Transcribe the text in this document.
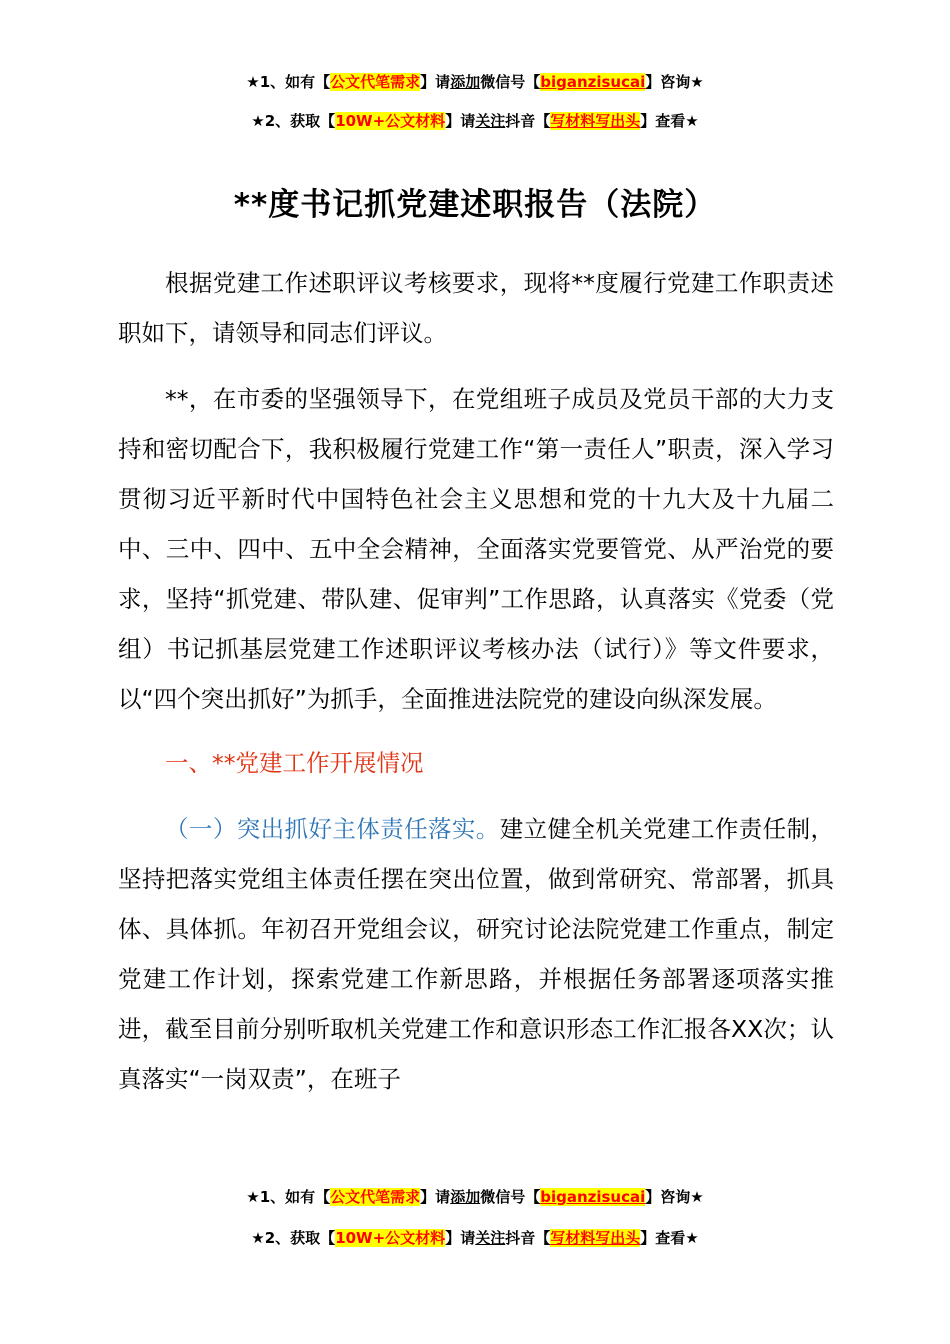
★1、如有【公文代笔需求】请添加微信号【biganzisucai】咨询★
★2、获取【10W+公文材料】请关注抖音【写材料写出头】查看★
**度书记抓党建述职报告（法院）

根据党建工作述职评议考核要求，现将**度履行党建工作职责述职如下，请领导和同志们评议。

**，在市委的坚强领导下，在党组班子成员及党员干部的大力支持和密切配合下，我积极履行党建工作“第一责任人”职责，深入学习贯彻习近平新时代中国特色社会主义思想和党的十九大及十九届二中、三中、四中、五中全会精神，全面落实党要管党、从严治党的要求，坚持“抓党建、带队建、促审判”工作思路，认真落实《党委（党组）书记抓基层党建工作述职评议考核办法（试行）》等文件要求，以“四个突出抓好”为抓手，全面推进法院党的建设向纵深发展。

一、**党建工作开展情况

（一）突出抓好主体责任落实。建立健全机关党建工作责任制，坚持把落实党组主体责任摆在突出位置，做到常研究、常部署，抓具体、具体抓。年初召开党组会议，研究讨论法院党建工作重点，制定党建工作计划，探索党建工作新思路，并根据任务部署逐项落实推进，截至目前分别听取机关党建工作和意识形态工作汇报各XX次；认真落实“一岗双责”，在班子

★1、如有【公文代笔需求】请添加微信号【biganzisucai】咨询★
★2、获取【10W+公文材料】请关注抖音【写材料写出头】查看★
